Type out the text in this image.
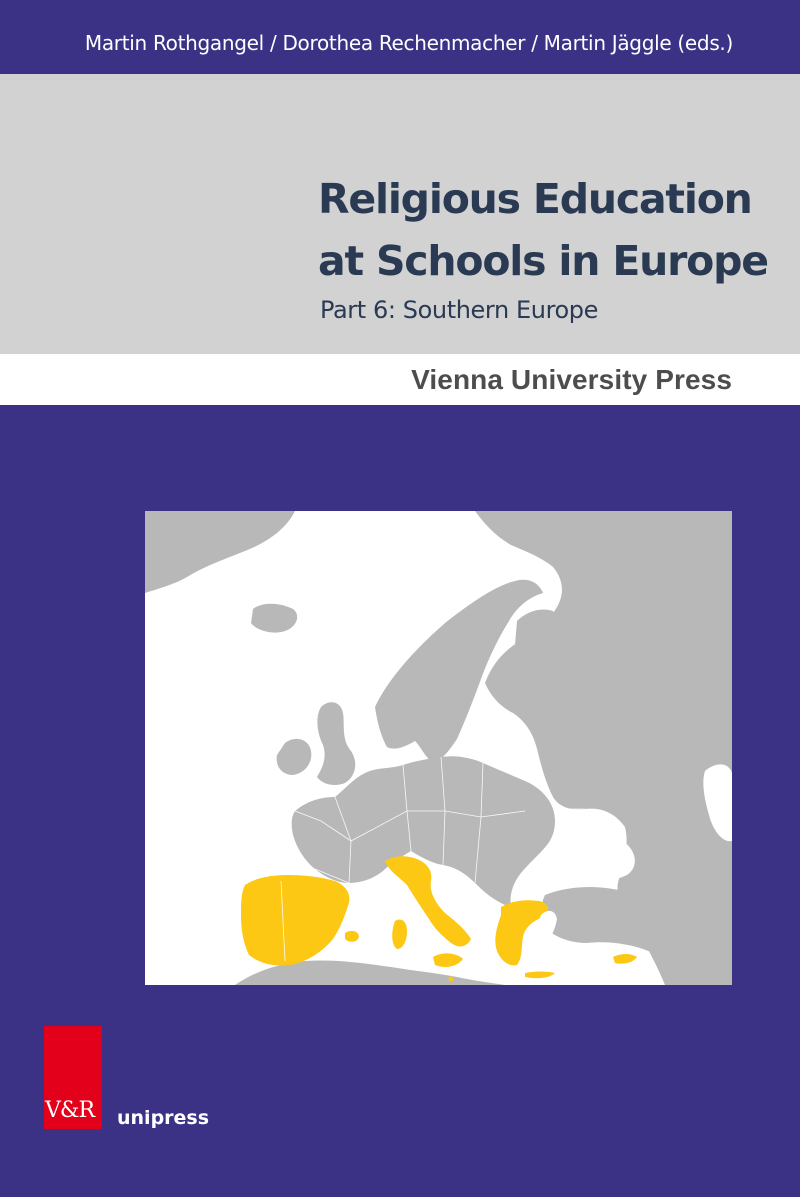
Martin Rothgangel / Dorothea Rechenmacher / Martin Jäggle (eds.)
Religious Education
at Schools in Europe

Part 6: Southern Europe

Vienna University Press
V&R unipress
